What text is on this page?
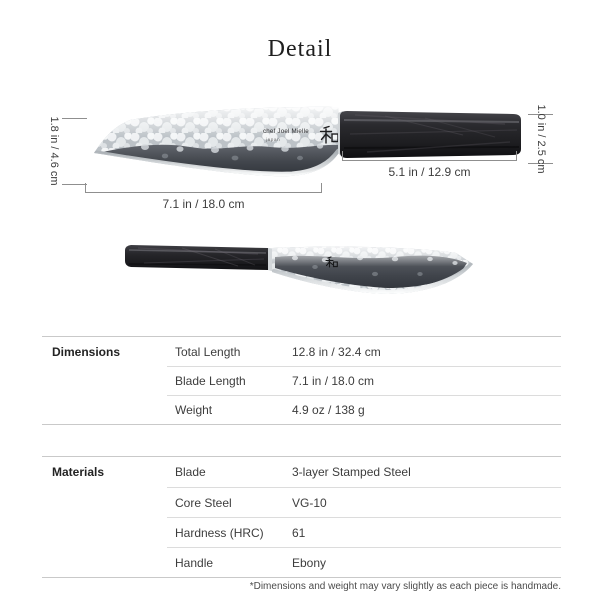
Detail
chef Joel Mielle
japan
1.8 in / 4.6 cm
7.1 in / 18.0 cm
5.1 in / 12.9 cm	1.0 in / 2.5 cm
Dimensions	Total Length	12.8 in / 32.4 cm
Blade Length	7.1 in / 18.0 cm
Weight	4.9 oz / 138 g
Materials	Blade	3-layer Stamped Steel
Core Steel	VG-10
Hardness (HRC)	61
Handle	Ebony
*Dimensions and weight may vary slightly as each piece is handmade.
